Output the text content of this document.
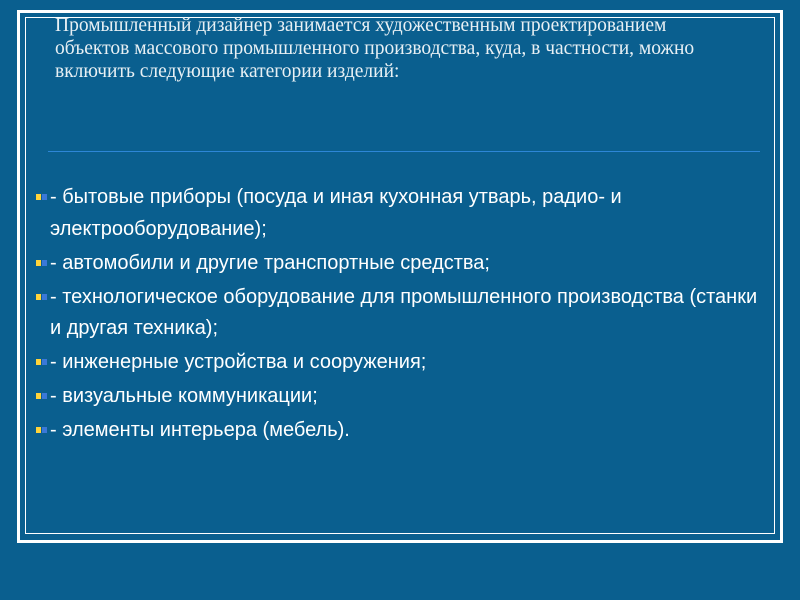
Промышленный дизайнер занимается художественным проектированием объектов массового промышленного производства, куда, в частности, можно включить следующие категории изделий:

- бытовые приборы (посуда и иная кухонная утварь, радио- и электрооборудование);
- автомобили и другие транспортные средства;
- технологическое оборудование для промышленного производства (станки и другая техника);
- инженерные устройства и сооружения;
- визуальные коммуникации;
- элементы интерьера (мебель).
